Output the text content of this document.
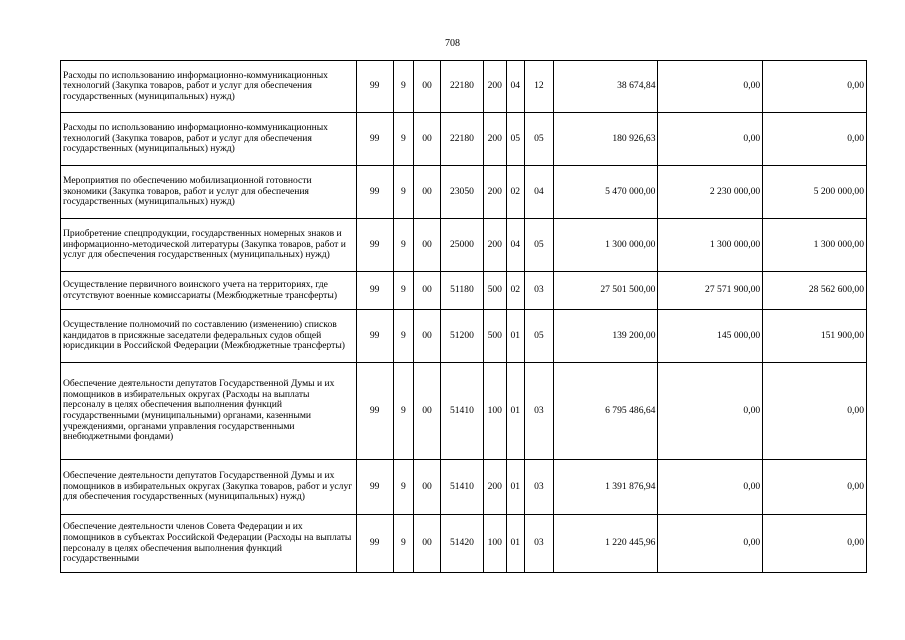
708
Расходы по использованию информационно-коммуникационных технологий (Закупка товаров, работ и услуг для обеспечения государственных (муниципальных) нужд)	99	9	00	22180	200	04	12	38 674,84	0,00	0,00
Расходы по использованию информационно-коммуникационных технологий (Закупка товаров, работ и услуг для обеспечения государственных (муниципальных) нужд)	99	9	00	22180	200	05	05	180 926,63	0,00	0,00
Мероприятия по обеспечению мобилизационной готовности экономики (Закупка товаров, работ и услуг для обеспечения государственных (муниципальных) нужд)	99	9	00	23050	200	02	04	5 470 000,00	2 230 000,00	5 200 000,00
Приобретение спецпродукции, государственных номерных знаков и информационно-методической литературы (Закупка товаров, работ и услуг для обеспечения государственных (муниципальных) нужд)	99	9	00	25000	200	04	05	1 300 000,00	1 300 000,00	1 300 000,00
Осуществление первичного воинского учета на территориях, где отсутствуют военные комиссариаты (Межбюджетные трансферты)	99	9	00	51180	500	02	03	27 501 500,00	27 571 900,00	28 562 600,00
Осуществление полномочий по составлению (изменению) списков кандидатов в присяжные заседатели федеральных судов общей юрисдикции в Российской Федерации (Межбюджетные трансферты)	99	9	00	51200	500	01	05	139 200,00	145 000,00	151 900,00
Обеспечение деятельности депутатов Государственной Думы и их помощников в избирательных округах (Расходы на выплаты персоналу в целях обеспечения выполнения функций государственными (муниципальными) органами, казенными учреждениями, органами управления государственными внебюджетными фондами)	99	9	00	51410	100	01	03	6 795 486,64	0,00	0,00
Обеспечение деятельности депутатов Государственной Думы и их помощников в избирательных округах (Закупка товаров, работ и услуг для обеспечения государственных (муниципальных) нужд)	99	9	00	51410	200	01	03	1 391 876,94	0,00	0,00
Обеспечение деятельности членов Совета Федерации и их помощников в субъектах Российской Федерации (Расходы на выплаты персоналу в целях обеспечения выполнения функций государственными	99	9	00	51420	100	01	03	1 220 445,96	0,00	0,00
